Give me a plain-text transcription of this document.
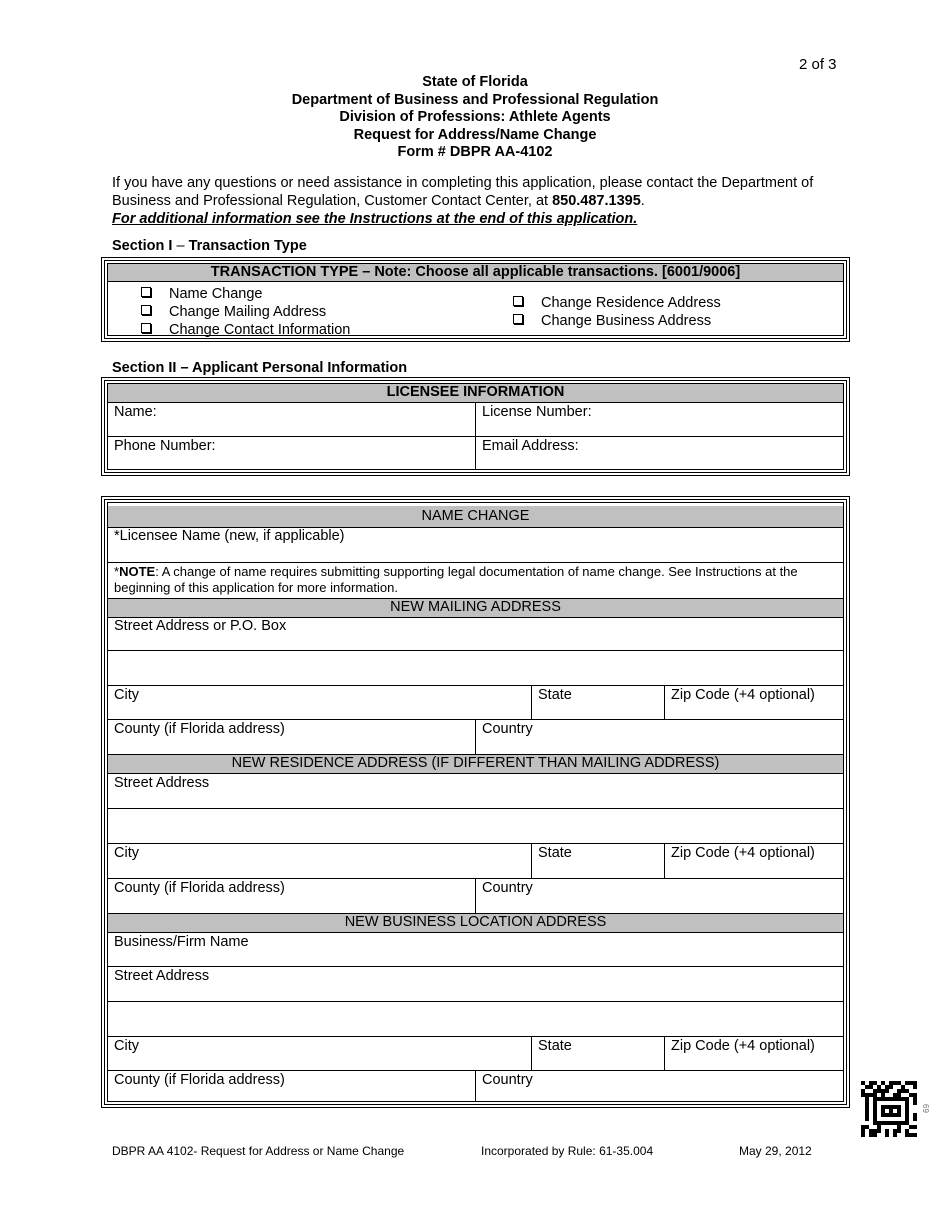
2 of 3
State of Florida
Department of Business and Professional Regulation
Division of Professions: Athlete Agents
Request for Address/Name Change
Form # DBPR AA-4102
If you have any questions or need assistance in completing this application, please contact the Department of Business and Professional Regulation, Customer Contact Center, at 850.487.1395.
For additional information see the Instructions at the end of this application.
Section I – Transaction Type
TRANSACTION TYPE – Note: Choose all applicable transactions. [6001/9006]
Name Change
Change Mailing Address
Change Contact Information
Change Residence Address
Change Business Address
Section II – Applicant Personal Information
LICENSEE INFORMATION
Name:	License Number:
Phone Number:	Email Address:
NAME CHANGE
*Licensee Name (new, if applicable)
*NOTE: A change of name requires submitting supporting legal documentation of name change. See Instructions at the beginning of this application for more information.
NEW MAILING ADDRESS
Street Address or P.O. Box
City	State	Zip Code (+4 optional)
County (if Florida address)	Country
NEW RESIDENCE ADDRESS (IF DIFFERENT THAN MAILING ADDRESS)
Street Address
City	State	Zip Code (+4 optional)
County (if Florida address)	Country
NEW BUSINESS LOCATION ADDRESS
Business/Firm Name
Street Address
City	State	Zip Code (+4 optional)
County (if Florida address)	Country
69
DBPR AA 4102- Request for Address or Name Change	Incorporated by Rule: 61-35.004	May 29, 2012
